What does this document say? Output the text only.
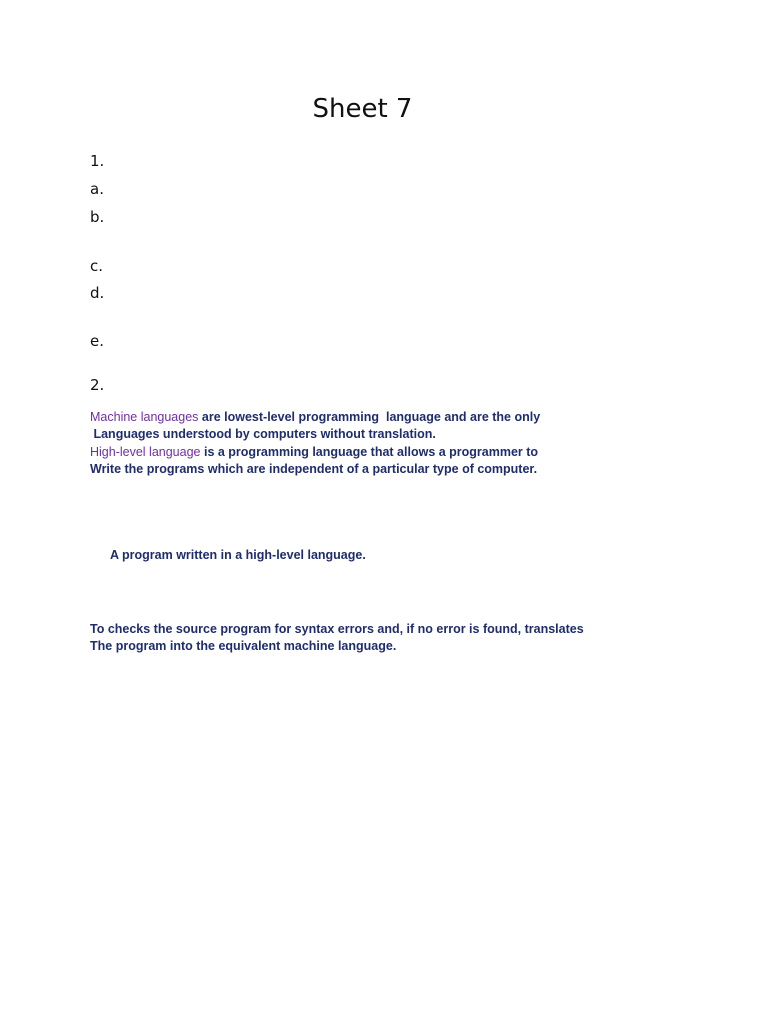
Sheet 7
1.
a.
b.
c.
d.
e.
2.
Machine languages are lowest-level programming  language and are the only
Languages understood by computers without translation.
High-level language is a programming language that allows a programmer to
Write the programs which are independent of a particular type of computer.
A program written in a high-level language.
To checks the source program for syntax errors and, if no error is found, translates
The program into the equivalent machine language.
